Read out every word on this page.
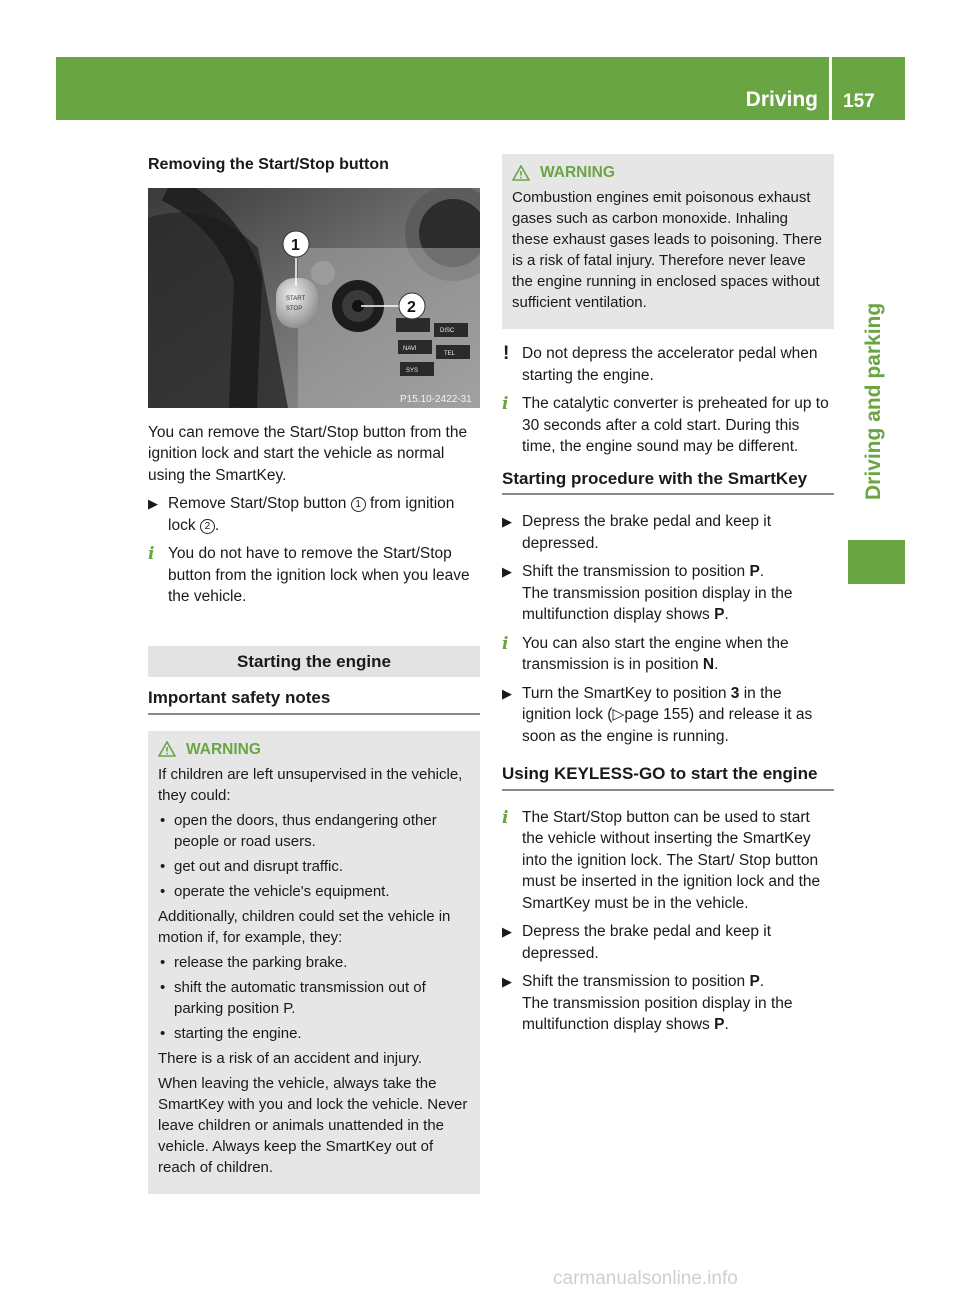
Driving 157
Driving and parking
Removing the Start/Stop button
START
STOP
DISC
NAVI
TEL
SYS
1
2
P15.10-2422-31

You can remove the Start/Stop button from the ignition lock and start the vehicle as normal using the SmartKey.

▶ Remove Start/Stop button 1 from ignition lock 2 .
i You do not have to remove the Start/Stop button from the ignition lock when you leave the vehicle.
Starting the engine
Important safety notes
WARNING

If children are left unsupervised in the vehicle, they could:

• open the doors, thus endangering other people or road users.
• get out and disrupt traffic.
• operate the vehicle's equipment.

Additionally, children could set the vehicle in motion if, for example, they:

• release the parking brake.
• shift the automatic transmission out of parking position P.
• starting the engine.

There is a risk of an accident and injury.

When leaving the vehicle, always take the SmartKey with you and lock the vehicle. Never leave children or animals unattended in the vehicle. Always keep the SmartKey out of reach of children.

WARNING

Combustion engines emit poisonous exhaust gases such as carbon monoxide. Inhaling these exhaust gases leads to poisoning. There is a risk of fatal injury. Therefore never leave the engine running in enclosed spaces without sufficient ventilation.

! Do not depress the accelerator pedal when starting the engine.
i The catalytic converter is preheated for up to 30 seconds after a cold start. During this time, the engine sound may be different.
Starting procedure with the SmartKey
▶ Depress the brake pedal and keep it depressed.
▶ Shift the transmission to position P.
The transmission position display in the multifunction display shows P.
i You can also start the engine when the transmission is in position N.
▶ Turn the SmartKey to position 3 in the ignition lock (▷page 155) and release it as soon as the engine is running.
Using KEYLESS-GO to start the engine
i The Start/Stop button can be used to start the vehicle without inserting the SmartKey into the ignition lock. The Start/ Stop button must be inserted in the ignition lock and the SmartKey must be in the vehicle.
▶ Depress the brake pedal and keep it depressed.
▶ Shift the transmission to position P.
The transmission position display in the multifunction display shows P.
carmanualsonline.info
